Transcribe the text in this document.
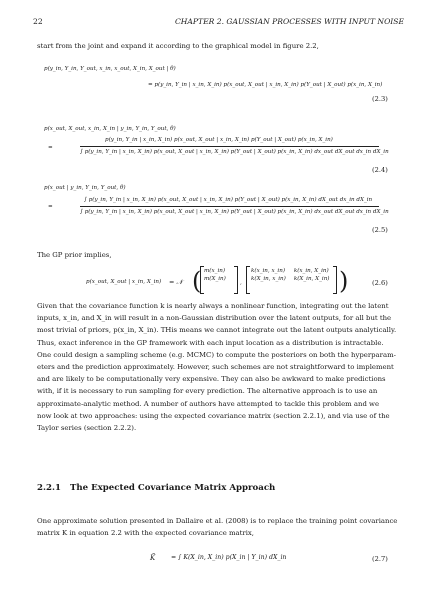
22	CHAPTER 2. GAUSSIAN PROCESSES WITH INPUT NOISE
start from the joint and expand it according to the graphical model in figure 2.2,
p(y_in, Y_in, Y_out, x_in, x_out, X_in, X_out | θ)
= p(y_in, Y_in | x_in, X_in) p(x_out, X_out | x_in, X_in) p(Y_out | X_out) p(x_in, X_in)
(2.3)
p(x_out, X_out, x_in, X_in | y_in, Y_in, Y_out, θ)
=
p(y_in, Y_in | x_in, X_in) p(x_out, X_out | x_in, X_in) p(Y_out | X_out) p(x_in, X_in)
∫ p(y_in, Y_in | x_in, X_in) p(x_out, X_out | x_in, X_in) p(Y_out | X_out) p(x_in, X_in) dx_out dX_out dx_in dX_in
(2.4)
p(x_out | y_in, Y_in, Y_out, θ)
=
∫ p(y_in, Y_in | x_in, X_in) p(x_out, X_out | x_in, X_in) p(Y_out | X_out) p(x_in, X_in) dX_out dx_in dX_in
∫ p(y_in, Y_in | x_in, X_in) p(x_out, X_out | x_in, X_in) p(Y_out | X_out) p(x_in, X_in) dx_out dX_out dx_in dX_in
(2.5)
The GP prior implies,
p(x_out, X_out | x_in, X_in) = 𝒩 (	)
m(x_in)
m(X_in)
,
k(x_in, x_in)	k(x_in, X_in)
k(X_in, x_in)	k(X_in, X_in)	(2.6)
Given that the covariance function k is nearly always a nonlinear function, integrating out the latent
inputs, x_in, and X_in will result in a non-Gaussian distribution over the latent outputs, for all but the
most trivial of priors, p(x_in, X_in). THis means we cannot integrate out the latent outputs analytically.
Thus, exact inference in the GP framework with each input location as a distribution is intractable.
One could design a sampling scheme (e.g. MCMC) to compute the posteriors on both the hyperparam-
eters and the prediction approximately. However, such schemes are not straightforward to implement
and are likely to be computationally very expensive. They can also be awkward to make predictions
with, if it is necessary to run sampling for every prediction. The alternative approach is to use an
approximate-analytic method. A number of authors have attempted to tackle this problem and we
now look at two approaches: using the expected covariance matrix (section 2.2.1), and via use of the
Taylor series (section 2.2.2).
2.2.1 The Expected Covariance Matrix Approach
One approximate solution presented in Dallaire et al. (2008) is to replace the training point covariance
matrix K in equation 2.2 with the expected covariance matrix,
K̃	= ∫ K(X_in, X_in) p(X_in | Y_in) dX_in	(2.7)
